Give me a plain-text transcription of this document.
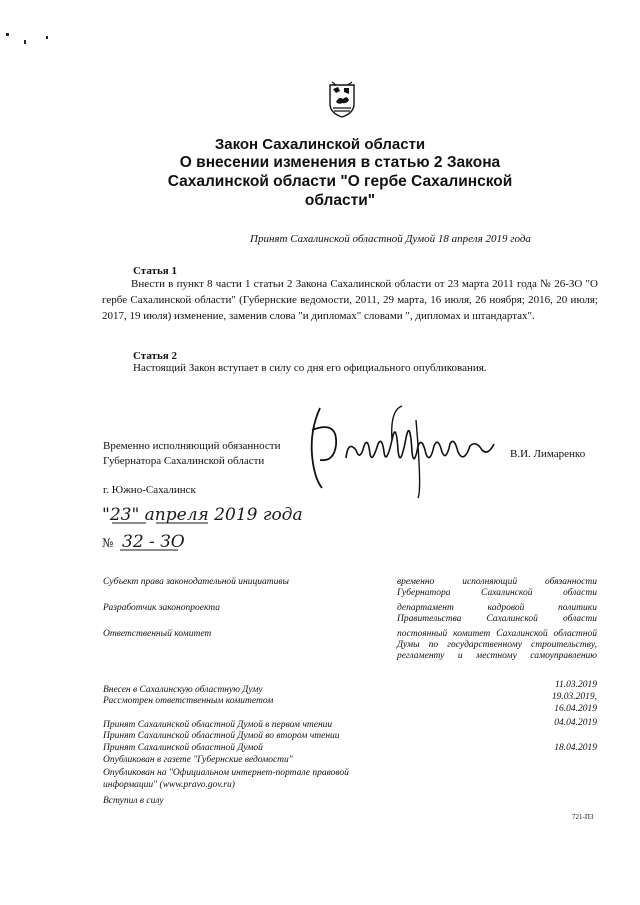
Закон Сахалинской области
О внесении изменения в статью 2 Закона Сахалинской области "О гербе Сахалинской области"
Принят Сахалинской областной Думой 18 апреля 2019 года
Статья 1
Внести в пункт 8 части 1 статьи 2 Закона Сахалинской области от 23 марта 2011 года № 26-ЗО "О гербе Сахалинской области" (Губернские ведомости, 2011, 29 марта, 16 июля, 26 ноября; 2016, 20 июля; 2017, 19 июля) изменение, заменив слова "и дипломах" словами ", дипломах и штандартах".
Статья 2
Настоящий Закон вступает в силу со дня его официального опубликования.
Временно исполняющий обязанности
Губернатора Сахалинской области
В.И. Лимаренко
г. Южно-Сахалинск
"23" апреля 2019 года
№ 32 - ЗО
Субъект права законодательной инициативы	временно исполняющий обязанности Губернатора Сахалинской области
Разработчик законопроекта	департамент кадровой политики Правительства Сахалинской области
Ответственный комитет	постоянный комитет Сахалинской областной Думы по государственному строительству, регламенту и местному самоуправлению
Внесен в Сахалинскую областную Думу	11.03.2019
Рассмотрен ответственным комитетом	19.03.2019,
16.04.2019
Принят Сахалинской областной Думой в первом чтении	04.04.2019
Принят Сахалинской областной Думой во втором чтении
Принят Сахалинской областной Думой	18.04.2019
Опубликован в газете "Губернские ведомости"
Опубликован на "Официальном интернет-портале правовой
информации" (www.pravo.gov.ru)
Вступил в силу
721-П3
